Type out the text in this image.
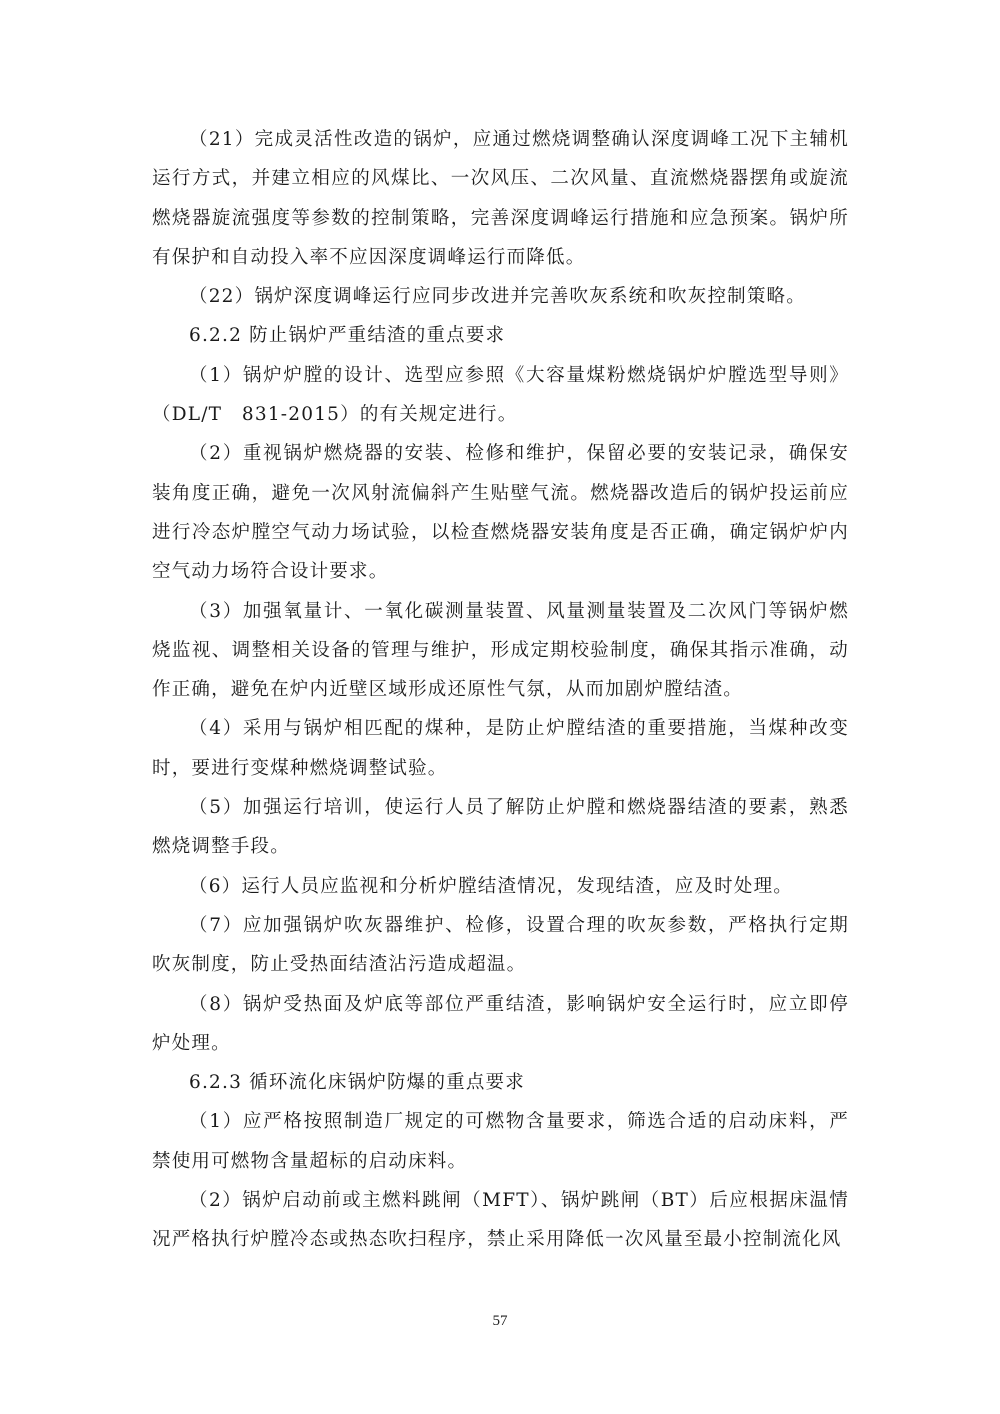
（21）完成灵活性改造的锅炉，应通过燃烧调整确认深度调峰工况下主辅机运行方式，并建立相应的风煤比、一次风压、二次风量、直流燃烧器摆角或旋流燃烧器旋流强度等参数的控制策略，完善深度调峰运行措施和应急预案。锅炉所有保护和自动投入率不应因深度调峰运行而降低。

（22）锅炉深度调峰运行应同步改进并完善吹灰系统和吹灰控制策略。

6.2.2 防止锅炉严重结渣的重点要求

（1）锅炉炉膛的设计、选型应参照《大容量煤粉燃烧锅炉炉膛选型导则》（DL/T　831-2015）的有关规定进行。

（2）重视锅炉燃烧器的安装、检修和维护，保留必要的安装记录，确保安装角度正确，避免一次风射流偏斜产生贴壁气流。燃烧器改造后的锅炉投运前应进行冷态炉膛空气动力场试验，以检查燃烧器安装角度是否正确，确定锅炉炉内空气动力场符合设计要求。

（3）加强氧量计、一氧化碳测量装置、风量测量装置及二次风门等锅炉燃烧监视、调整相关设备的管理与维护，形成定期校验制度，确保其指示准确，动作正确，避免在炉内近壁区域形成还原性气氛，从而加剧炉膛结渣。

（4）采用与锅炉相匹配的煤种，是防止炉膛结渣的重要措施，当煤种改变时，要进行变煤种燃烧调整试验。

（5）加强运行培训，使运行人员了解防止炉膛和燃烧器结渣的要素，熟悉燃烧调整手段。

（6）运行人员应监视和分析炉膛结渣情况，发现结渣，应及时处理。

（7）应加强锅炉吹灰器维护、检修，设置合理的吹灰参数，严格执行定期吹灰制度，防止受热面结渣沾污造成超温。

（8）锅炉受热面及炉底等部位严重结渣，影响锅炉安全运行时，应立即停炉处理。

6.2.3 循环流化床锅炉防爆的重点要求

（1）应严格按照制造厂规定的可燃物含量要求，筛选合适的启动床料，严禁使用可燃物含量超标的启动床料。

（2）锅炉启动前或主燃料跳闸（MFT）、锅炉跳闸（BT）后应根据床温情况严格执行炉膛冷态或热态吹扫程序，禁止采用降低一次风量至最小控制流化风

57
